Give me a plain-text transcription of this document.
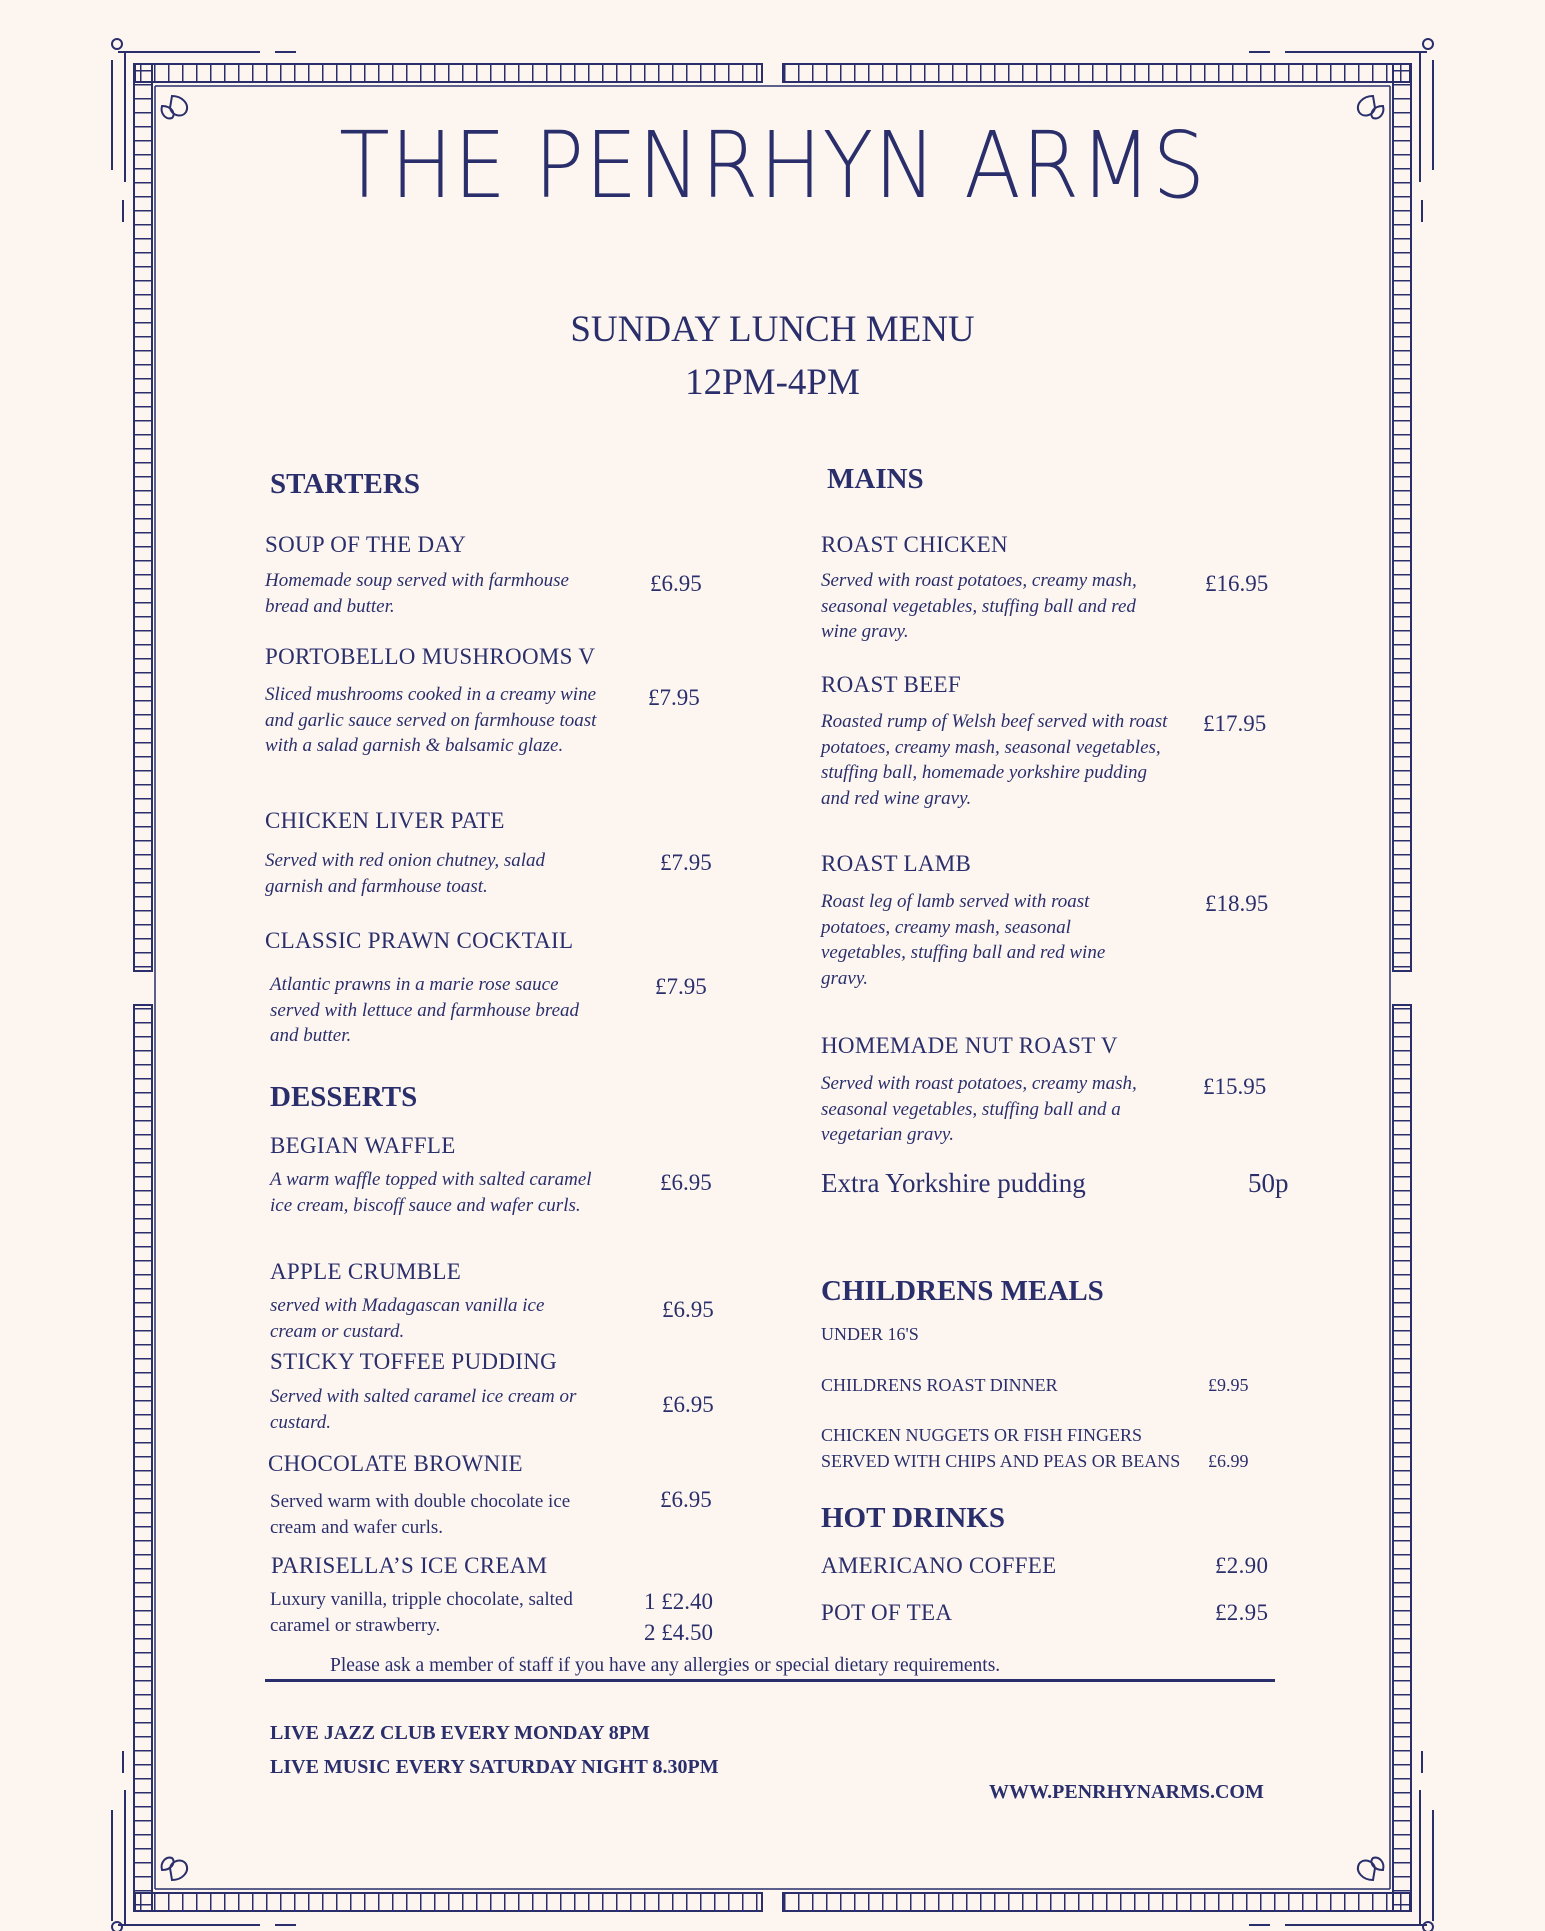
THE PENRHYN ARMS
SUNDAY LUNCH MENU
12PM-4PM
STARTERS
SOUP OF THE DAY
Homemade soup served with farmhouse bread and butter.
£6.95
PORTOBELLO MUSHROOMS V
Sliced mushrooms cooked in a creamy wine and garlic sauce served on farmhouse toast with a salad garnish & balsamic glaze.
£7.95
CHICKEN LIVER PATE
Served with red onion chutney, salad garnish and farmhouse toast.
£7.95
CLASSIC PRAWN COCKTAIL
Atlantic prawns in a marie rose sauce served with lettuce and farmhouse bread and butter.
£7.95
DESSERTS
BEGIAN WAFFLE
A warm waffle topped with salted caramel ice cream, biscoff sauce and wafer curls.
£6.95
APPLE CRUMBLE
served with Madagascan vanilla ice cream or custard.
£6.95
STICKY TOFFEE PUDDING
Served with salted caramel ice cream or custard.
£6.95
CHOCOLATE BROWNIE
Served warm with double chocolate ice cream and wafer curls.
£6.95
PARISELLA’S ICE CREAM
Luxury vanilla, tripple chocolate, salted caramel or strawberry.
1 £2.40
2 £4.50
MAINS
ROAST CHICKEN
Served with roast potatoes, creamy mash, seasonal vegetables, stuffing ball and red wine gravy.
£16.95
ROAST BEEF
Roasted rump of Welsh beef served with roast potatoes, creamy mash, seasonal vegetables, stuffing ball, homemade yorkshire pudding and red wine gravy.
£17.95
ROAST LAMB
Roast leg of lamb served with roast potatoes, creamy mash, seasonal vegetables, stuffing ball and red wine gravy.
£18.95
HOMEMADE NUT ROAST V
Served with roast potatoes, creamy mash, seasonal vegetables, stuffing ball and a vegetarian gravy.
£15.95
Extra Yorkshire pudding	50p
CHILDRENS MEALS
UNDER 16'S
CHILDRENS ROAST DINNER	£9.95
CHICKEN NUGGETS OR FISH FINGERS
SERVED WITH CHIPS AND PEAS OR BEANS £6.99
HOT DRINKS
AMERICANO COFFEE	£2.90
POT OF TEA	£2.95
Please ask a member of staff if you have any allergies or special dietary requirements.
LIVE JAZZ CLUB EVERY MONDAY 8PM
LIVE MUSIC EVERY SATURDAY NIGHT 8.30PM
WWW.PENRHYNARMS.COM
